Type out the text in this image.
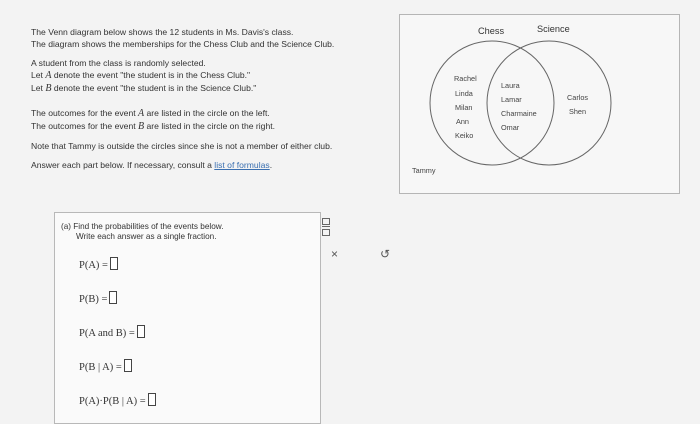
The Venn diagram below shows the 12 students in Ms. Davis's class.
The diagram shows the memberships for the Chess Club and the Science Club.

A student from the class is randomly selected.
Let A denote the event "the student is in the Chess Club."
Let B denote the event "the student is in the Science Club."

The outcomes for the event A are listed in the circle on the left.
The outcomes for the event B are listed in the circle on the right.

Note that Tammy is outside the circles since she is not a member of either club.

Answer each part below. If necessary, consult a list of formulas.

Chess	Science
Rachel
Linda
Milan
Ann
Keiko
Laura
Lamar
Charmaine
Omar
Carlos
Shen
Tammy
(a) Find the probabilities of the events below.
Write each answer as a single fraction.
P(A) =
P(B) =
P(A and B) =
P(B | A) =
P(A)·P(B | A) =
×	↺
